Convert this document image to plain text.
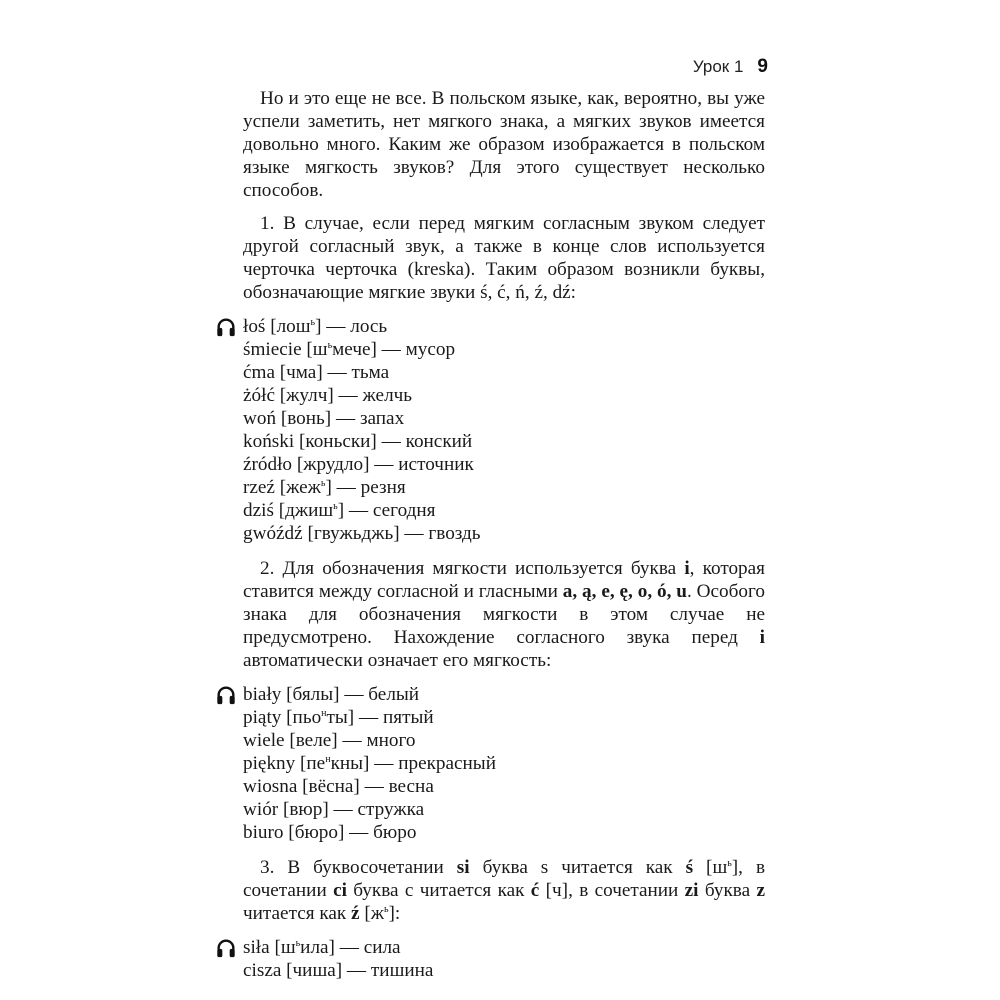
Урок 1 9

Но и это еще не все. В польском языке, как, вероятно, вы уже успели заметить, нет мягкого знака, а мягких звуков имеется довольно много. Каким же образом изображается в польском языке мягкость звуков? Для этого существует несколько способов.

1. В случае, если перед мягким согласным звуком следует другой согласный звук, а также в конце слов используется черточка черточка (kreska). Таким образом возникли буквы, обозначающие мягкие звуки ś, ć, ń, ź, dź:

łoś [лош$^ь$] — лось
śmiecie $[ш^ьмече]$ — мусор
ćma [чма] — тьма
żółć [жулч] — желчь
woń [вонь] — запах
koński [коньски] — конский
źródło [жрудло] — источник
rzeź [жеж$^ь$] — резня
dziś [джиш$^ь$] — сегодня
gwóźdź [гвужьджь] — гвоздь

2. Для обозначения мягкости используется буква i, которая ставится между согласной и гласными a, ą, e, ę, o, ó, u. Особого знака для обозначения мягкости в этом случае не предусмотрено. Нахождение согласного звука перед i автоматически означает его мягкость:

biały [бялы] — белый
piąty [пьо$^н$ты] — пятый
wiele [веле] — много
piękny $[пе^нкны]$ — прекрасный
wiosna [вёсна] — весна
wiór [вюр] — стружка
biuro [бюро] — бюро

3. В буквосочетании si буква s читается как ś $[ш^ь]$, в сочетании ci буква c читается как ć [ч], в сочетании zi буква z читается как ź $[ж^ь]$:

siła $[ш^ьила]$ — сила
cisza [чиша] — тишина
